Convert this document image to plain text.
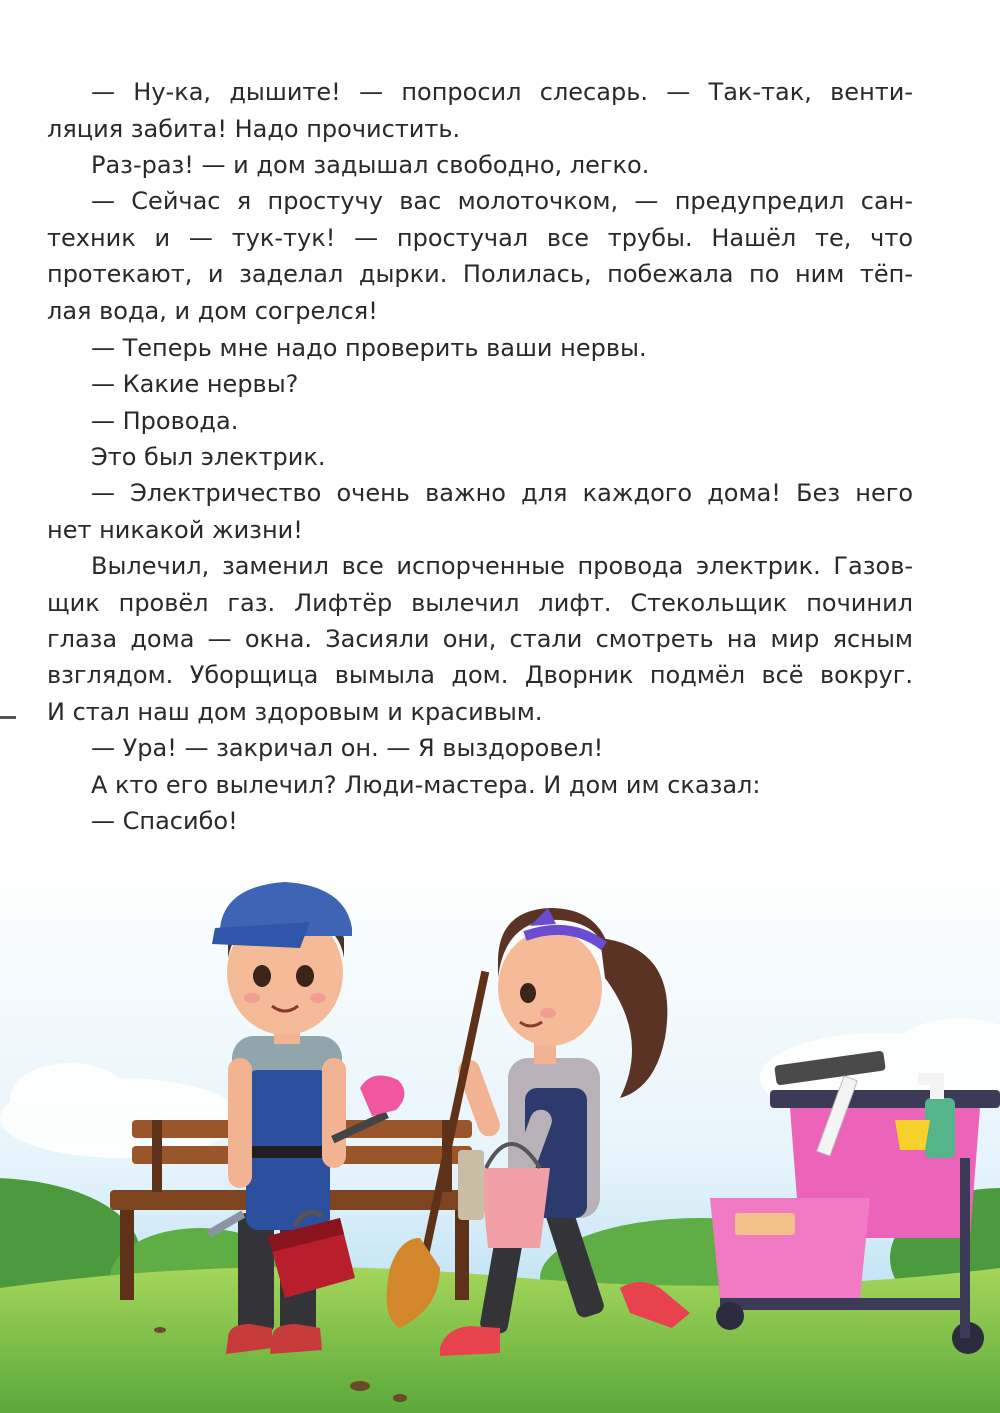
— Ну-ка, дышите! — попросил слесарь. — Так-так, венти-
ляция забита! Надо прочистить.
Раз-раз! — и дом задышал свободно, легко.
— Сейчас я простучу вас молоточком, — предупредил сан-
техник и — тук-тук! — простучал все трубы. Нашёл те, что
протекают, и заделал дырки. Полилась, побежала по ним тёп-
лая вода, и дом согрелся!
— Теперь мне надо проверить ваши нервы.
— Какие нервы?
— Провода.
Это был электрик.
— Электричество очень важно для каждого дома! Без него
нет никакой жизни!
Вылечил, заменил все испорченные провода электрик. Газов-
щик провёл газ. Лифтёр вылечил лифт. Стекольщик починил
глаза дома — окна. Засияли они, стали смотреть на мир ясным
взглядом. Уборщица вымыла дом. Дворник подмёл всё вокруг.
И стал наш дом здоровым и красивым.
— Ура! — закричал он. — Я выздоровел!
А кто его вылечил? Люди-мастера. И дом им сказал:
— Спасибо!
